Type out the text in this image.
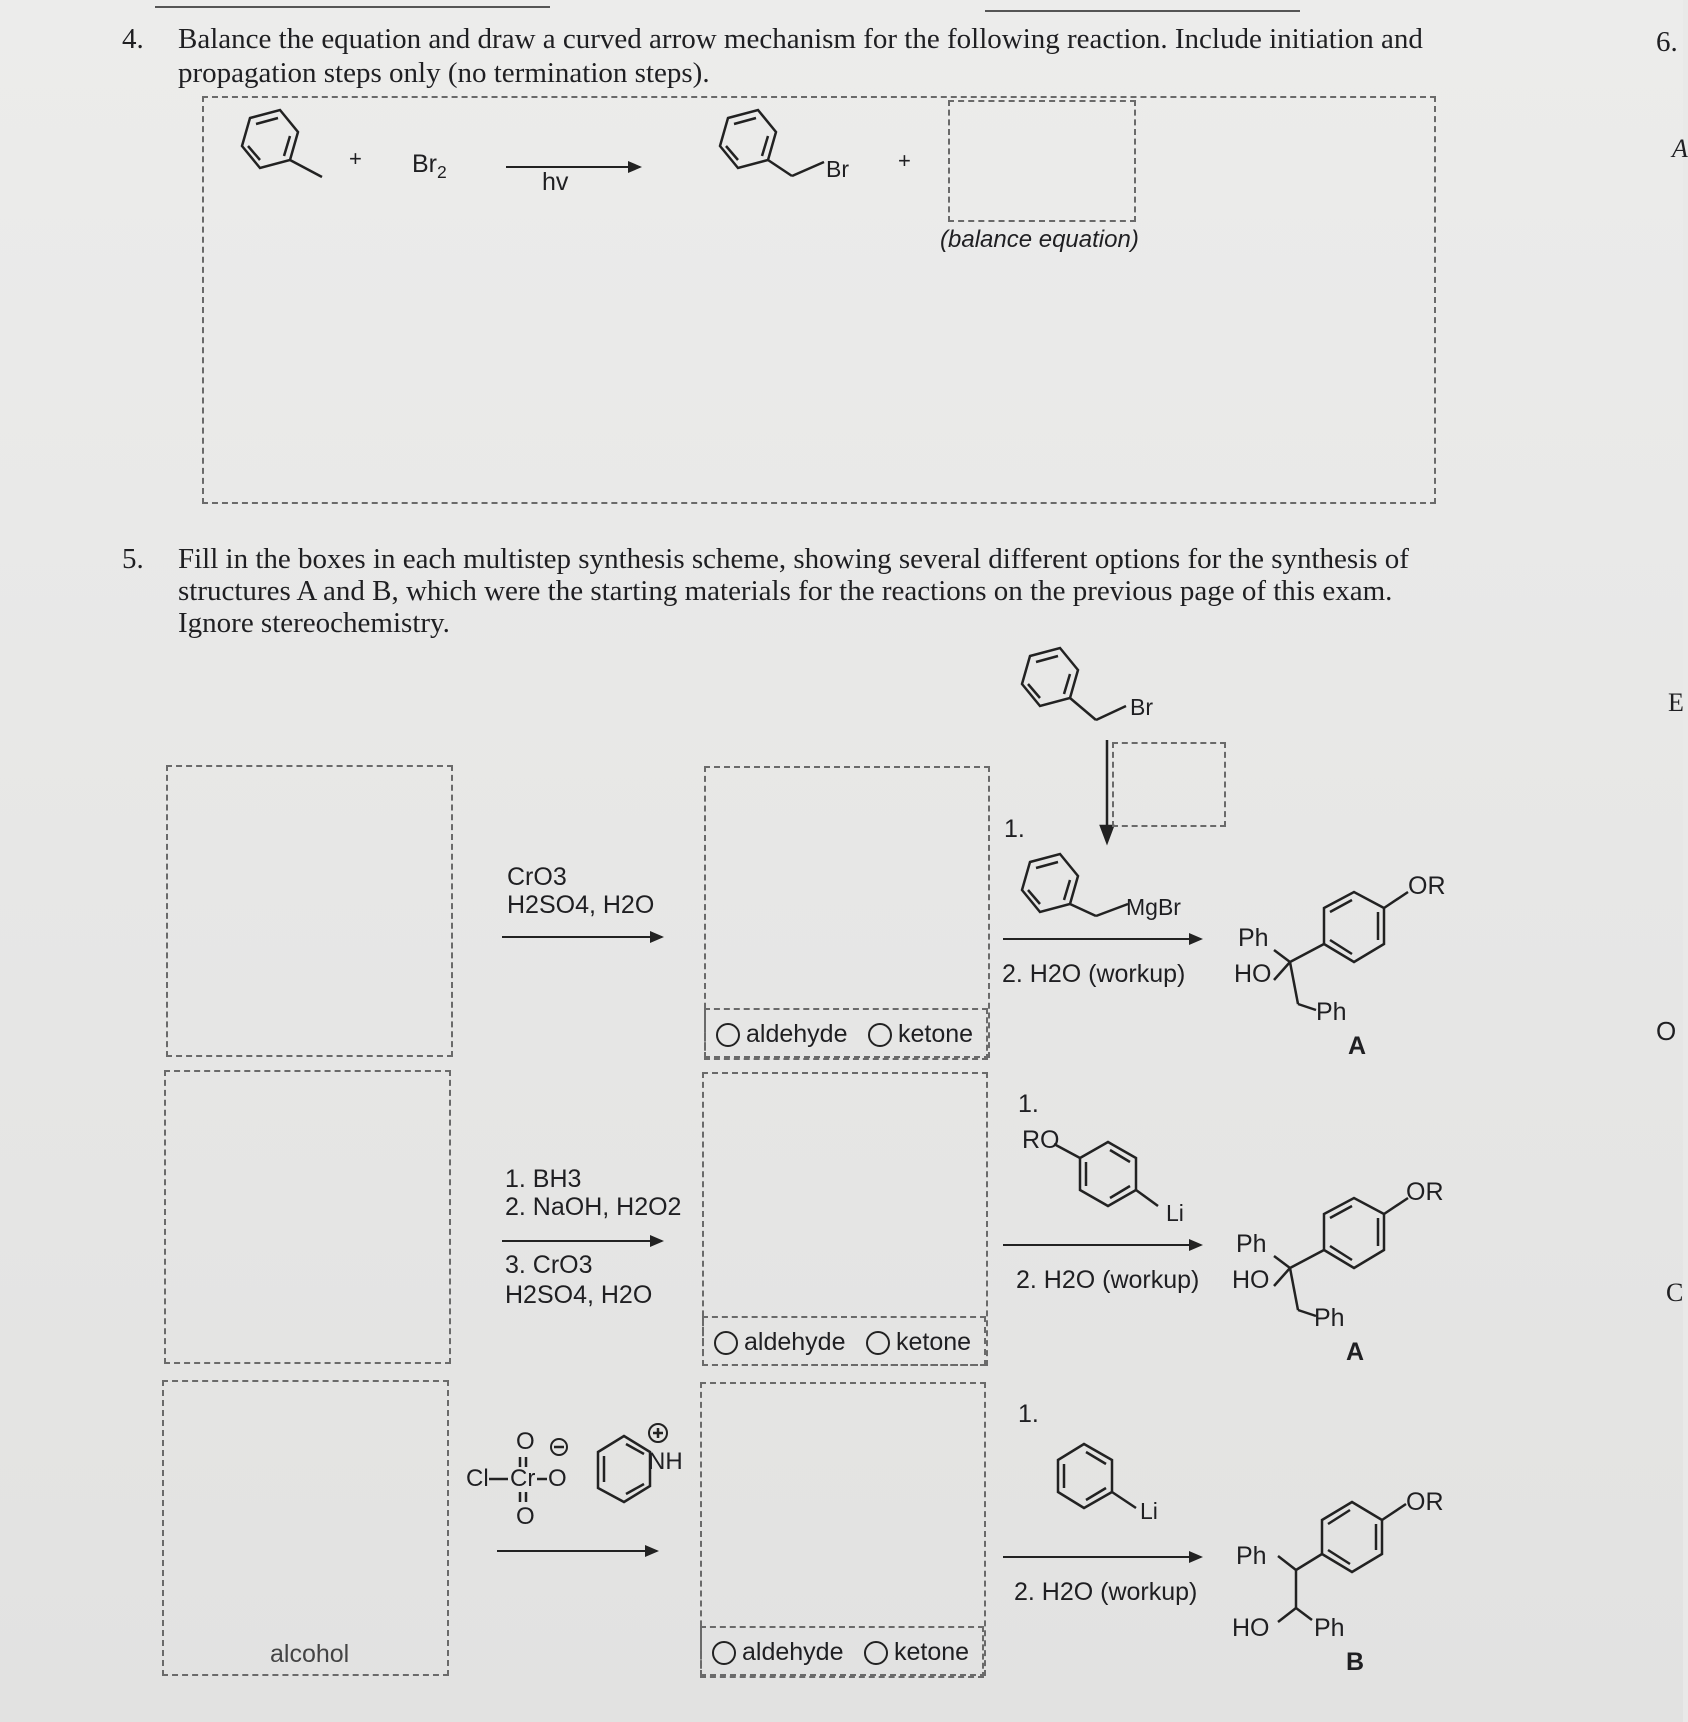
4. Balance the equation and draw a curved arrow mechanism for the following reaction. Include initiation and
propagation steps only (no termination steps).
+ $Br_2$	hv	Br +
(balance equation)
5. Fill in the boxes in each multistep synthesis scheme, showing several different options for the synthesis of
structures A and B, which were the starting materials for the reactions on the previous page of this exam.
Ignore stereochemistry.
CrO3
H2SO4, H2O
aldehyde ketone
Br
1.
MgBr
2. H2O (workup)
Ph
HO
Ph
OR
A
1. BH3
2. NaOH, H2O2
3. CrO3
H2SO4, H2O
aldehyde ketone
1.
RO
Li
2. H2O (workup)
Ph
HO
Ph
OR
A
alcohol
Cl Cr O
O
O
NH
aldehyde ketone
1.
Li
2. H2O (workup)
Ph
HO Ph
OR
B
6.
A
E
O
C
